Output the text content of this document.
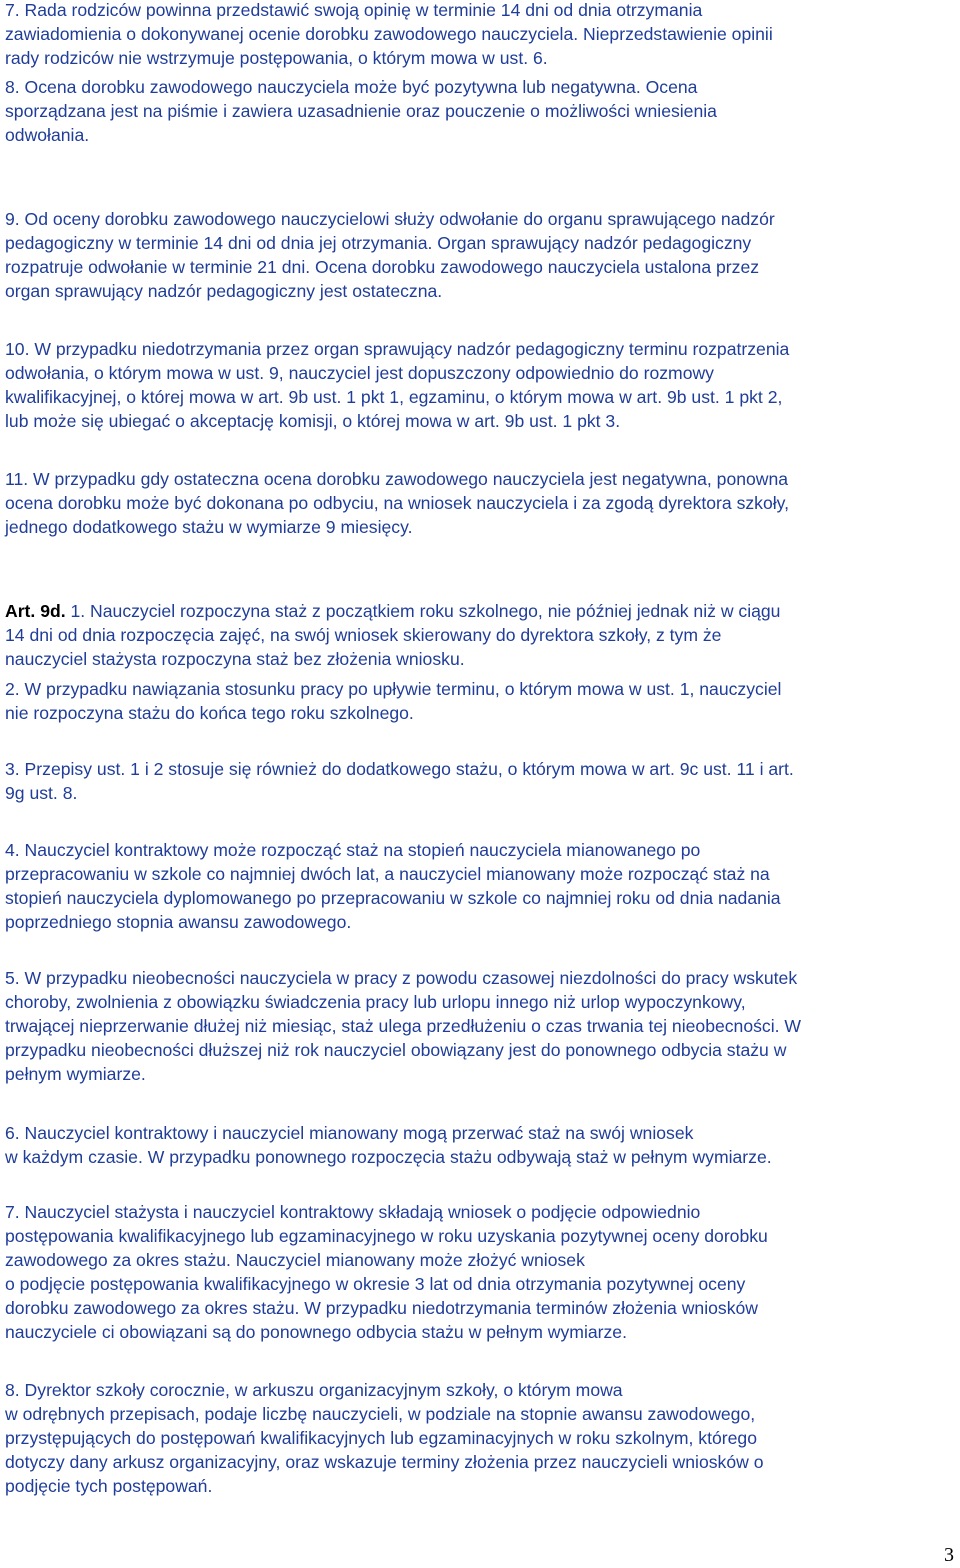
7. Rada rodziców powinna przedstawić swoją opinię w terminie 14 dni od dnia otrzymania
zawiadomienia o dokonywanej ocenie dorobku zawodowego nauczyciela. Nieprzedstawienie opinii
rady rodziców nie wstrzymuje postępowania, o którym mowa w ust. 6.
8. Ocena dorobku zawodowego nauczyciela może być pozytywna lub negatywna. Ocena
sporządzana jest na piśmie i zawiera uzasadnienie oraz pouczenie o możliwości wniesienia
odwołania.
9. Od oceny dorobku zawodowego nauczycielowi służy odwołanie do organu sprawującego nadzór
pedagogiczny w terminie 14 dni od dnia jej otrzymania. Organ sprawujący nadzór pedagogiczny
rozpatruje odwołanie w terminie 21 dni. Ocena dorobku zawodowego nauczyciela ustalona przez
organ sprawujący nadzór pedagogiczny jest ostateczna.
10. W przypadku niedotrzymania przez organ sprawujący nadzór pedagogiczny terminu rozpatrzenia
odwołania, o którym mowa w ust. 9, nauczyciel jest dopuszczony odpowiednio do rozmowy
kwalifikacyjnej, o której mowa w art. 9b ust. 1 pkt 1, egzaminu, o którym mowa w art. 9b ust. 1 pkt 2,
lub może się ubiegać o akceptację komisji, o której mowa w art. 9b ust. 1 pkt 3.
11. W przypadku gdy ostateczna ocena dorobku zawodowego nauczyciela jest negatywna, ponowna
ocena dorobku może być dokonana po odbyciu, na wniosek nauczyciela i za zgodą dyrektora szkoły,
jednego dodatkowego stażu w wymiarze 9 miesięcy.
Art. 9d. 1. Nauczyciel rozpoczyna staż z początkiem roku szkolnego, nie później jednak niż w ciągu
14 dni od dnia rozpoczęcia zajęć, na swój wniosek skierowany do dyrektora szkoły, z tym że
nauczyciel stażysta rozpoczyna staż bez złożenia wniosku.
2. W przypadku nawiązania stosunku pracy po upływie terminu, o którym mowa w ust. 1, nauczyciel
nie rozpoczyna stażu do końca tego roku szkolnego.
3. Przepisy ust. 1 i 2 stosuje się również do dodatkowego stażu, o którym mowa w art. 9c ust. 11 i art.
9g ust. 8.
4. Nauczyciel kontraktowy może rozpocząć staż na stopień nauczyciela mianowanego po
przepracowaniu w szkole co najmniej dwóch lat, a nauczyciel mianowany może rozpocząć staż na
stopień nauczyciela dyplomowanego po przepracowaniu w szkole co najmniej roku od dnia nadania
poprzedniego stopnia awansu zawodowego.
5. W przypadku nieobecności nauczyciela w pracy z powodu czasowej niezdolności do pracy wskutek
choroby, zwolnienia z obowiązku świadczenia pracy lub urlopu innego niż urlop wypoczynkowy,
trwającej nieprzerwanie dłużej niż miesiąc, staż ulega przedłużeniu o czas trwania tej nieobecności. W
przypadku nieobecności dłuższej niż rok nauczyciel obowiązany jest do ponownego odbycia stażu w
pełnym wymiarze.
6. Nauczyciel kontraktowy i nauczyciel mianowany mogą przerwać staż na swój wniosek
w każdym czasie. W przypadku ponownego rozpoczęcia stażu odbywają staż w pełnym wymiarze.
7. Nauczyciel stażysta i nauczyciel kontraktowy składają wniosek o podjęcie odpowiednio
postępowania kwalifikacyjnego lub egzaminacyjnego w roku uzyskania pozytywnej oceny dorobku
zawodowego za okres stażu. Nauczyciel mianowany może złożyć wniosek
o podjęcie postępowania kwalifikacyjnego w okresie 3 lat od dnia otrzymania pozytywnej oceny
dorobku zawodowego za okres stażu. W przypadku niedotrzymania terminów złożenia wniosków
nauczyciele ci obowiązani są do ponownego odbycia stażu w pełnym wymiarze.
8. Dyrektor szkoły corocznie, w arkuszu organizacyjnym szkoły, o którym mowa
w odrębnych przepisach, podaje liczbę nauczycieli, w podziale na stopnie awansu zawodowego,
przystępujących do postępowań kwalifikacyjnych lub egzaminacyjnych w roku szkolnym, którego
dotyczy dany arkusz organizacyjny, oraz wskazuje terminy złożenia przez nauczycieli wniosków o
podjęcie tych postępowań.
3
